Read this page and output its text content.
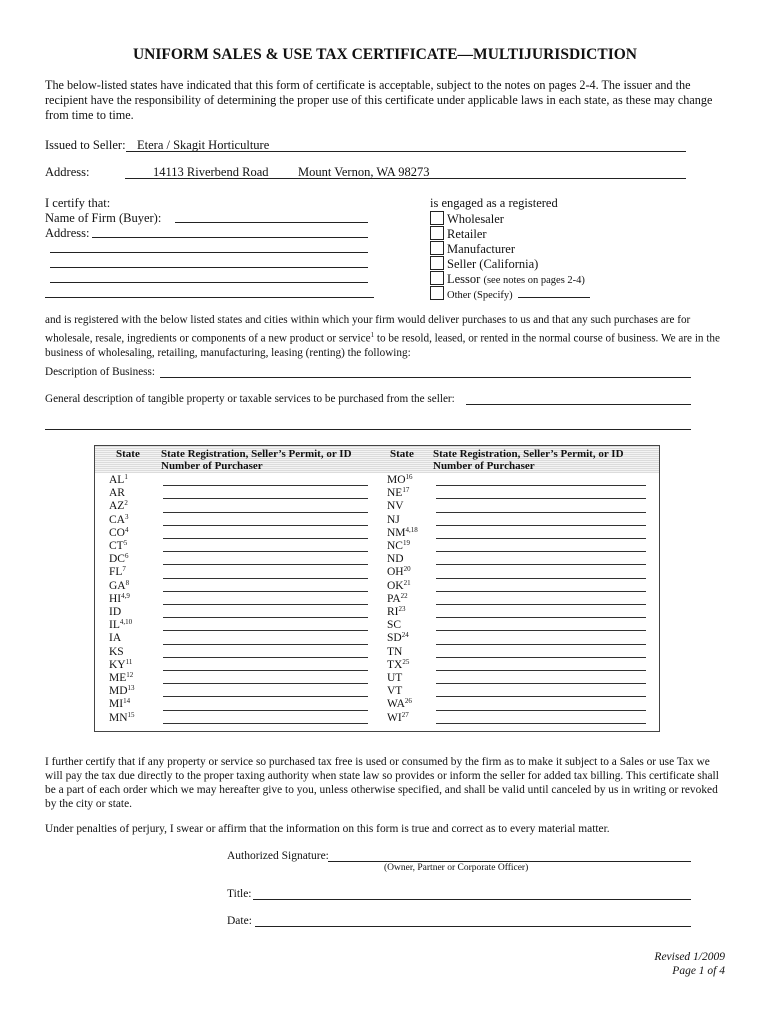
UNIFORM SALES & USE TAX CERTIFICATE—MULTIJURISDICTION
The below-listed states have indicated that this form of certificate is acceptable, subject to the notes on pages 2-4. The issuer and the recipient have the responsibility of determining the proper use of this certificate under applicable laws in each state, as these may change from time to time.
Issued to Seller: Etera / Skagit Horticulture
Address:	14113 Riverbend Road Mount Vernon, WA 98273
I certify that:
Name of Firm (Buyer):
Address:
is engaged as a registered
Wholesaler
Retailer
Manufacturer
Seller (California)
Lessor (see notes on pages 2-4)
Other (Specify)
and is registered with the below listed states and cities within which your firm would deliver purchases to us and that any such purchases are for wholesale, resale, ingredients or components of a new product or service$^1$ to be resold, leased, or rented in the normal course of business. We are in the business of wholesaling, retailing, manufacturing, leasing (renting) the following:
Description of Business:
General description of tangible property or taxable services to be purchased from the seller:
State State Registration, Seller’s Permit, or ID Number of Purchaser
State State Registration, Seller’s Permit, or ID Number of Purchaser
$AL^1$
AR
$AZ^2$
$CA^3$
$CO^4$
$CT^5$
$DC^6$
$FL^7$
$GA^8$
HI$^{4,9}$
ID
IL$^{4,10}$
IA
KS
KY$^{11}$
ME$^{12}$
MD$^{13}$
MI$^{14}$
MN$^{15}$
MO$^{16}$
NE$^{17}$
NV
NJ
NM$^{4,18}$
NC$^{19}$
ND
OH$^{20}$
OK$^{21}$
PA$^{22}$
RI$^{23}$
SC
SD$^{24}$
TN
TX$^{25}$
UT
VT
WA$^{26}$
WI$^{27}$
I further certify that if any property or service so purchased tax free is used or consumed by the firm as to make it subject to a Sales or use Tax we will pay the tax due directly to the proper taxing authority when state law so provides or inform the seller for added tax billing. This certificate shall be a part of each order which we may hereafter give to you, unless otherwise specified, and shall be valid until canceled by us in writing or revoked by the city or state.
Under penalties of perjury, I swear or affirm that the information on this form is true and correct as to every material matter.
Authorized Signature:
(Owner, Partner or Corporate Officer)
Title:
Date:
Revised 1/2009
Page 1 of 4
